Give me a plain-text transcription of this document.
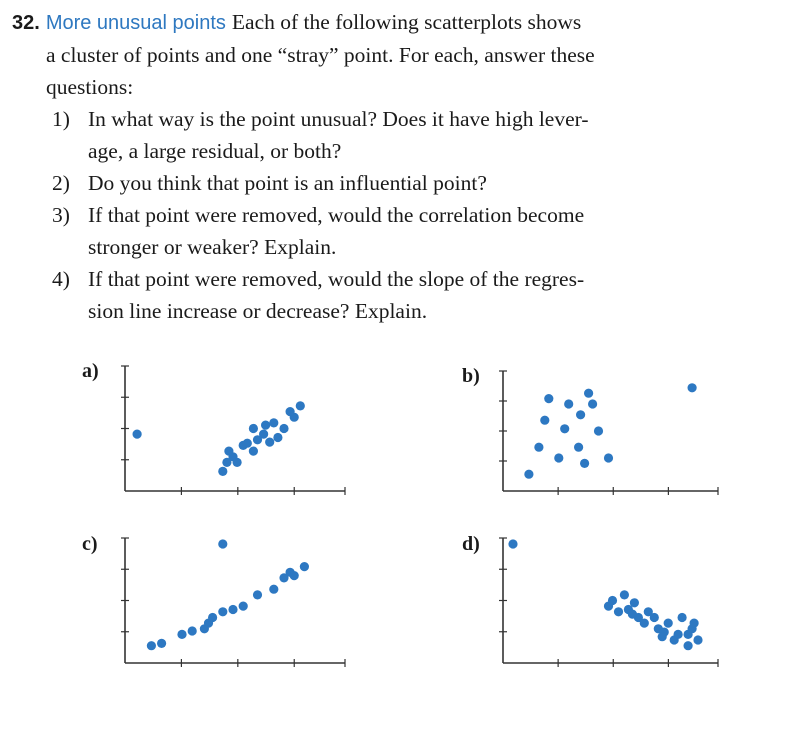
32. More unusual points Each of the following scatterplots shows
a cluster of points and one “stray” point. For each, answer these
questions:

1) In what way is the point unusual? Does it have high lever-
age, a large residual, or both?
2) Do you think that point is an influential point?
3) If that point were removed, would the correlation become
stronger or weaker? Explain.
4) If that point were removed, would the slope of the regres-
sion line increase or decrease? Explain.
a)	b)
c)	d)
